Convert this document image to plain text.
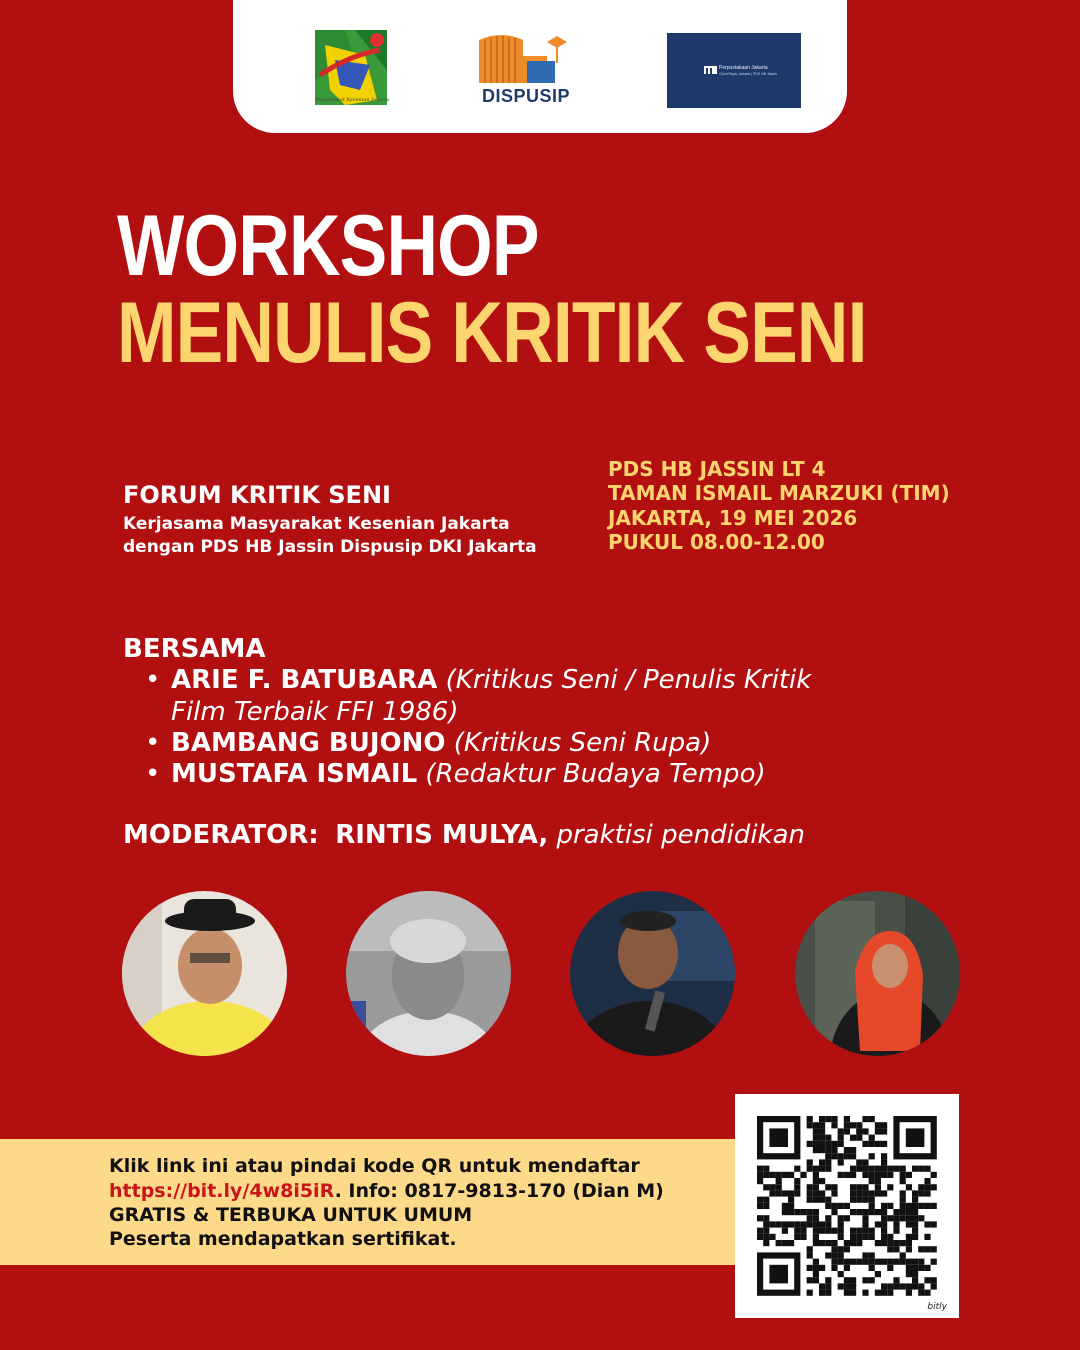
Masyarakat Kesenian Jakarta	DISPUSIP
Perpustakaan Jakarta
Cikini Raya, Jakarta | PDS HB Jassin
WORKSHOP
MENULIS KRITIK SENI
FORUM KRITIK SENI
Kerjasama Masyarakat Kesenian Jakarta
dengan PDS HB Jassin Dispusip DKI Jakarta
PDS HB JASSIN LT 4
TAMAN ISMAIL MARZUKI (TIM)
JAKARTA, 19 MEI 2026
PUKUL 08.00-12.00
BERSAMA
• ARIE F. BATUBARA (Kritikus Seni / Penulis Kritik
Film Terbaik FFI 1986)
• BAMBANG BUJONO (Kritikus Seni Rupa)
• MUSTAFA ISMAIL (Redaktur Budaya Tempo)
MODERATOR: RINTIS MULYA, praktisi pendidikan
Klik link ini atau pindai kode QR untuk mendaftar
https://bit.ly/4w8i5iR. Info: 0817-9813-170 (Dian M)
GRATIS & TERBUKA UNTUK UMUM
Peserta mendapatkan sertifikat.
bitly
